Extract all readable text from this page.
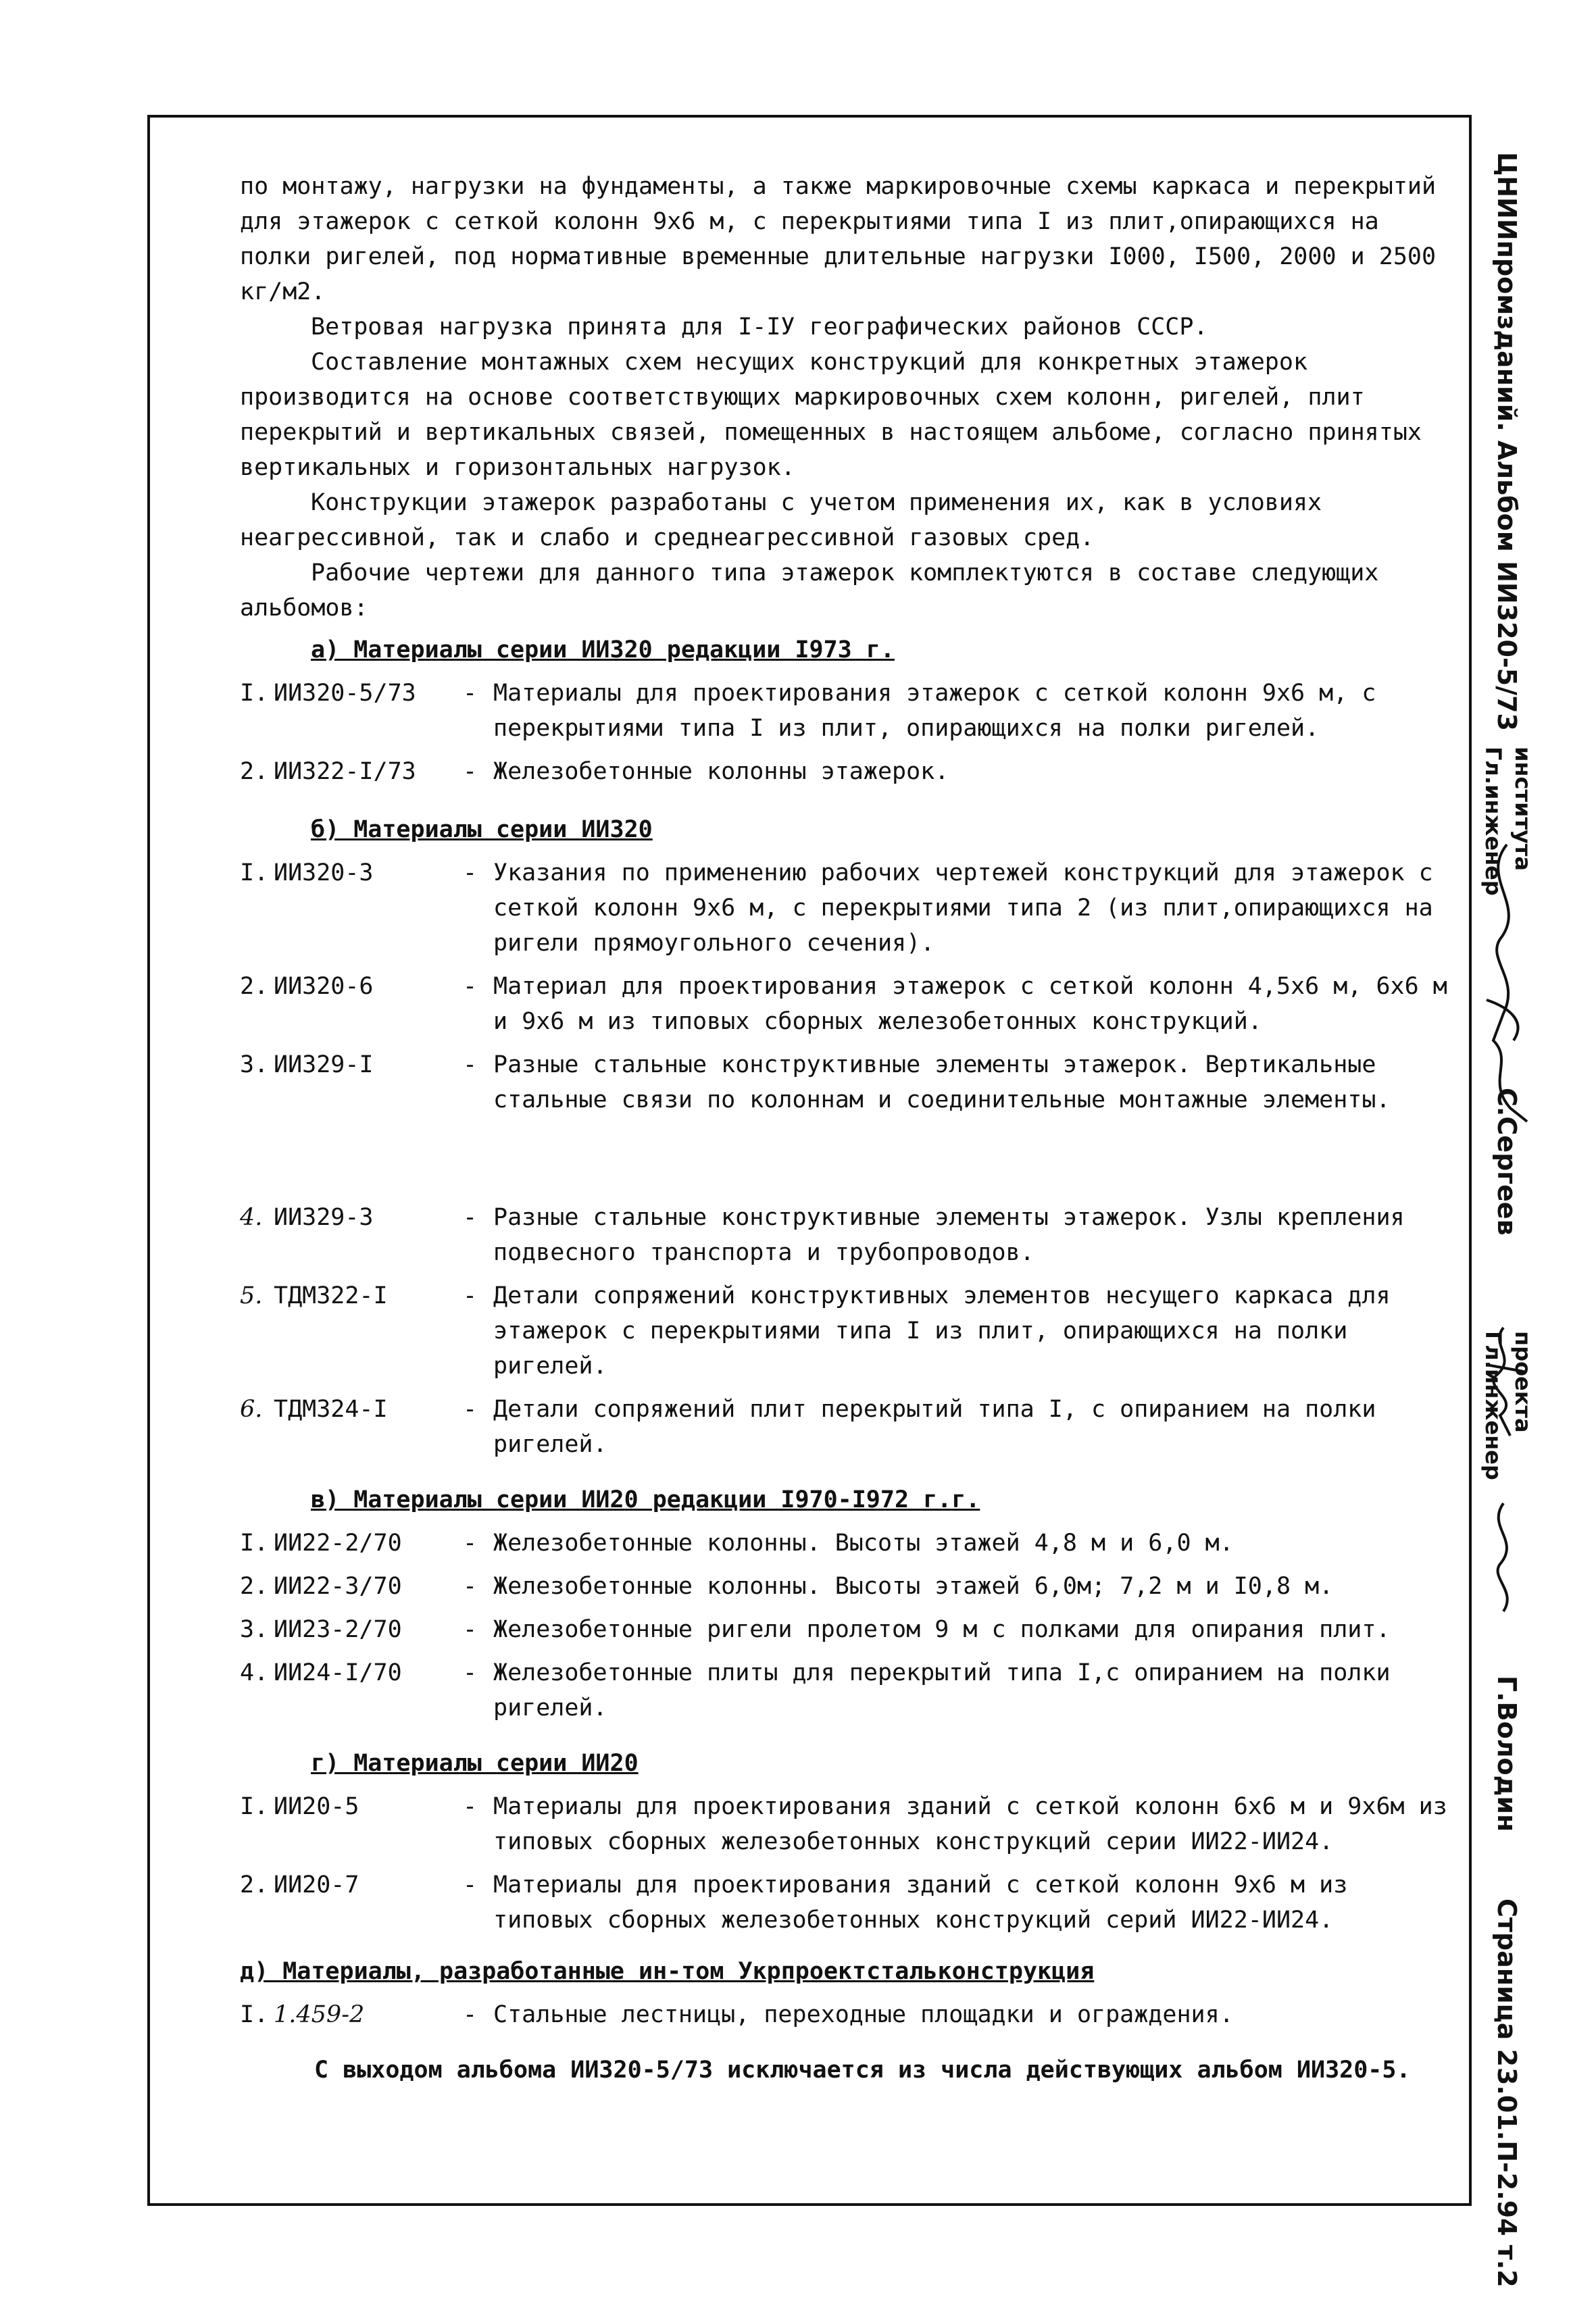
ЦНИИпромзданий. Альбом ИИ320-5/73
Гл.инженер института
С.Сергеев
Гл.инженер проекта
Г.Володин
Страница 2
3.01.П-2.94 т.2

по монтажу, нагрузки на фундаменты, а также маркировочные схемы каркаса и перекрытий для этажерок с сеткой колонн 9х6 м, с перекрытиями типа I из плит,опирающихся на полки ригелей, под нормативные временные длительные нагрузки I000, I500, 2000 и 2500 кг/м2.

Ветровая нагрузка принята для I-IУ географических районов СССР.

Составление монтажных схем несущих конструкций для конкретных этажерок производится на основе соответствующих маркировочных схем колонн, ригелей, плит перекрытий и вертикальных связей, помещенных в настоящем альбоме, согласно принятых вертикальных и горизонтальных нагрузок.

Конструкции этажерок разработаны с учетом применения их, как в условиях неагрессивной, так и слабо и среднеагрессивной газовых сред.

Рабочие чертежи для данного типа этажерок комплектуются в составе следующих альбомов:

а) Материалы серии ИИ320 редакции I973 г.

I. ИИ320-5/73	- Материалы для проектирования этажерок с сеткой колонн 9х6 м, с перекрытиями типа I из плит, опирающихся на полки ригелей.
2. ИИ322-I/73	- Железобетонные колонны этажерок.

б) Материалы серии ИИ320

I. ИИ320-3	- Указания по применению рабочих чертежей конструкций для этажерок с сеткой колонн 9х6 м, с перекрытиями типа 2 (из плит,опирающихся на ригели прямоугольного сечения).
2. ИИ320-6	- Материал для проектирования этажерок с сеткой колонн 4,5х6 м, 6х6 м и 9х6 м из типовых сборных железобетонных конструкций.
3. ИИ329-I	- Разные стальные конструктивные элементы этажерок. Вертикальные стальные связи по колоннам и соединительные монтажные элементы.
4. ИИ329-3	- Разные стальные конструктивные элементы этажерок. Узлы крепления подвесного транспорта и трубопроводов.
5. ТДМ322-I	- Детали сопряжений конструктивных элементов несущего каркаса для этажерок с перекрытиями типа I из плит, опирающихся на полки ригелей.
6. ТДМ324-I	- Детали сопряжений плит перекрытий типа I, с опиранием на полки ригелей.

в) Материалы серии ИИ20 редакции I970-I972 г.г.

I. ИИ22-2/70	- Железобетонные колонны. Высоты этажей 4,8 м и 6,0 м.
2. ИИ22-3/70	- Железобетонные колонны. Высоты этажей 6,0м; 7,2 м и I0,8 м.
3. ИИ23-2/70	- Железобетонные ригели пролетом 9 м с полками для опирания плит.
4. ИИ24-I/70	- Железобетонные плиты для перекрытий типа I,с опиранием на полки ригелей.

г) Материалы серии ИИ20

I. ИИ20-5	- Материалы для проектирования зданий с сеткой колонн 6х6 м и 9х6м из типовых сборных железобетонных конструкций серии ИИ22-ИИ24.
2. ИИ20-7	- Материалы для проектирования зданий с сеткой колонн 9х6 м из типовых сборных железобетонных конструкций серий ИИ22-ИИ24.

д) Материалы, разработанные ин-том Укрпроектстальконструкция

I. 1.459-2	- Стальные лестницы, переходные площадки и ограждения.

С выходом альбома ИИ320-5/73 исключается из числа действующих альбом ИИ320-5.
